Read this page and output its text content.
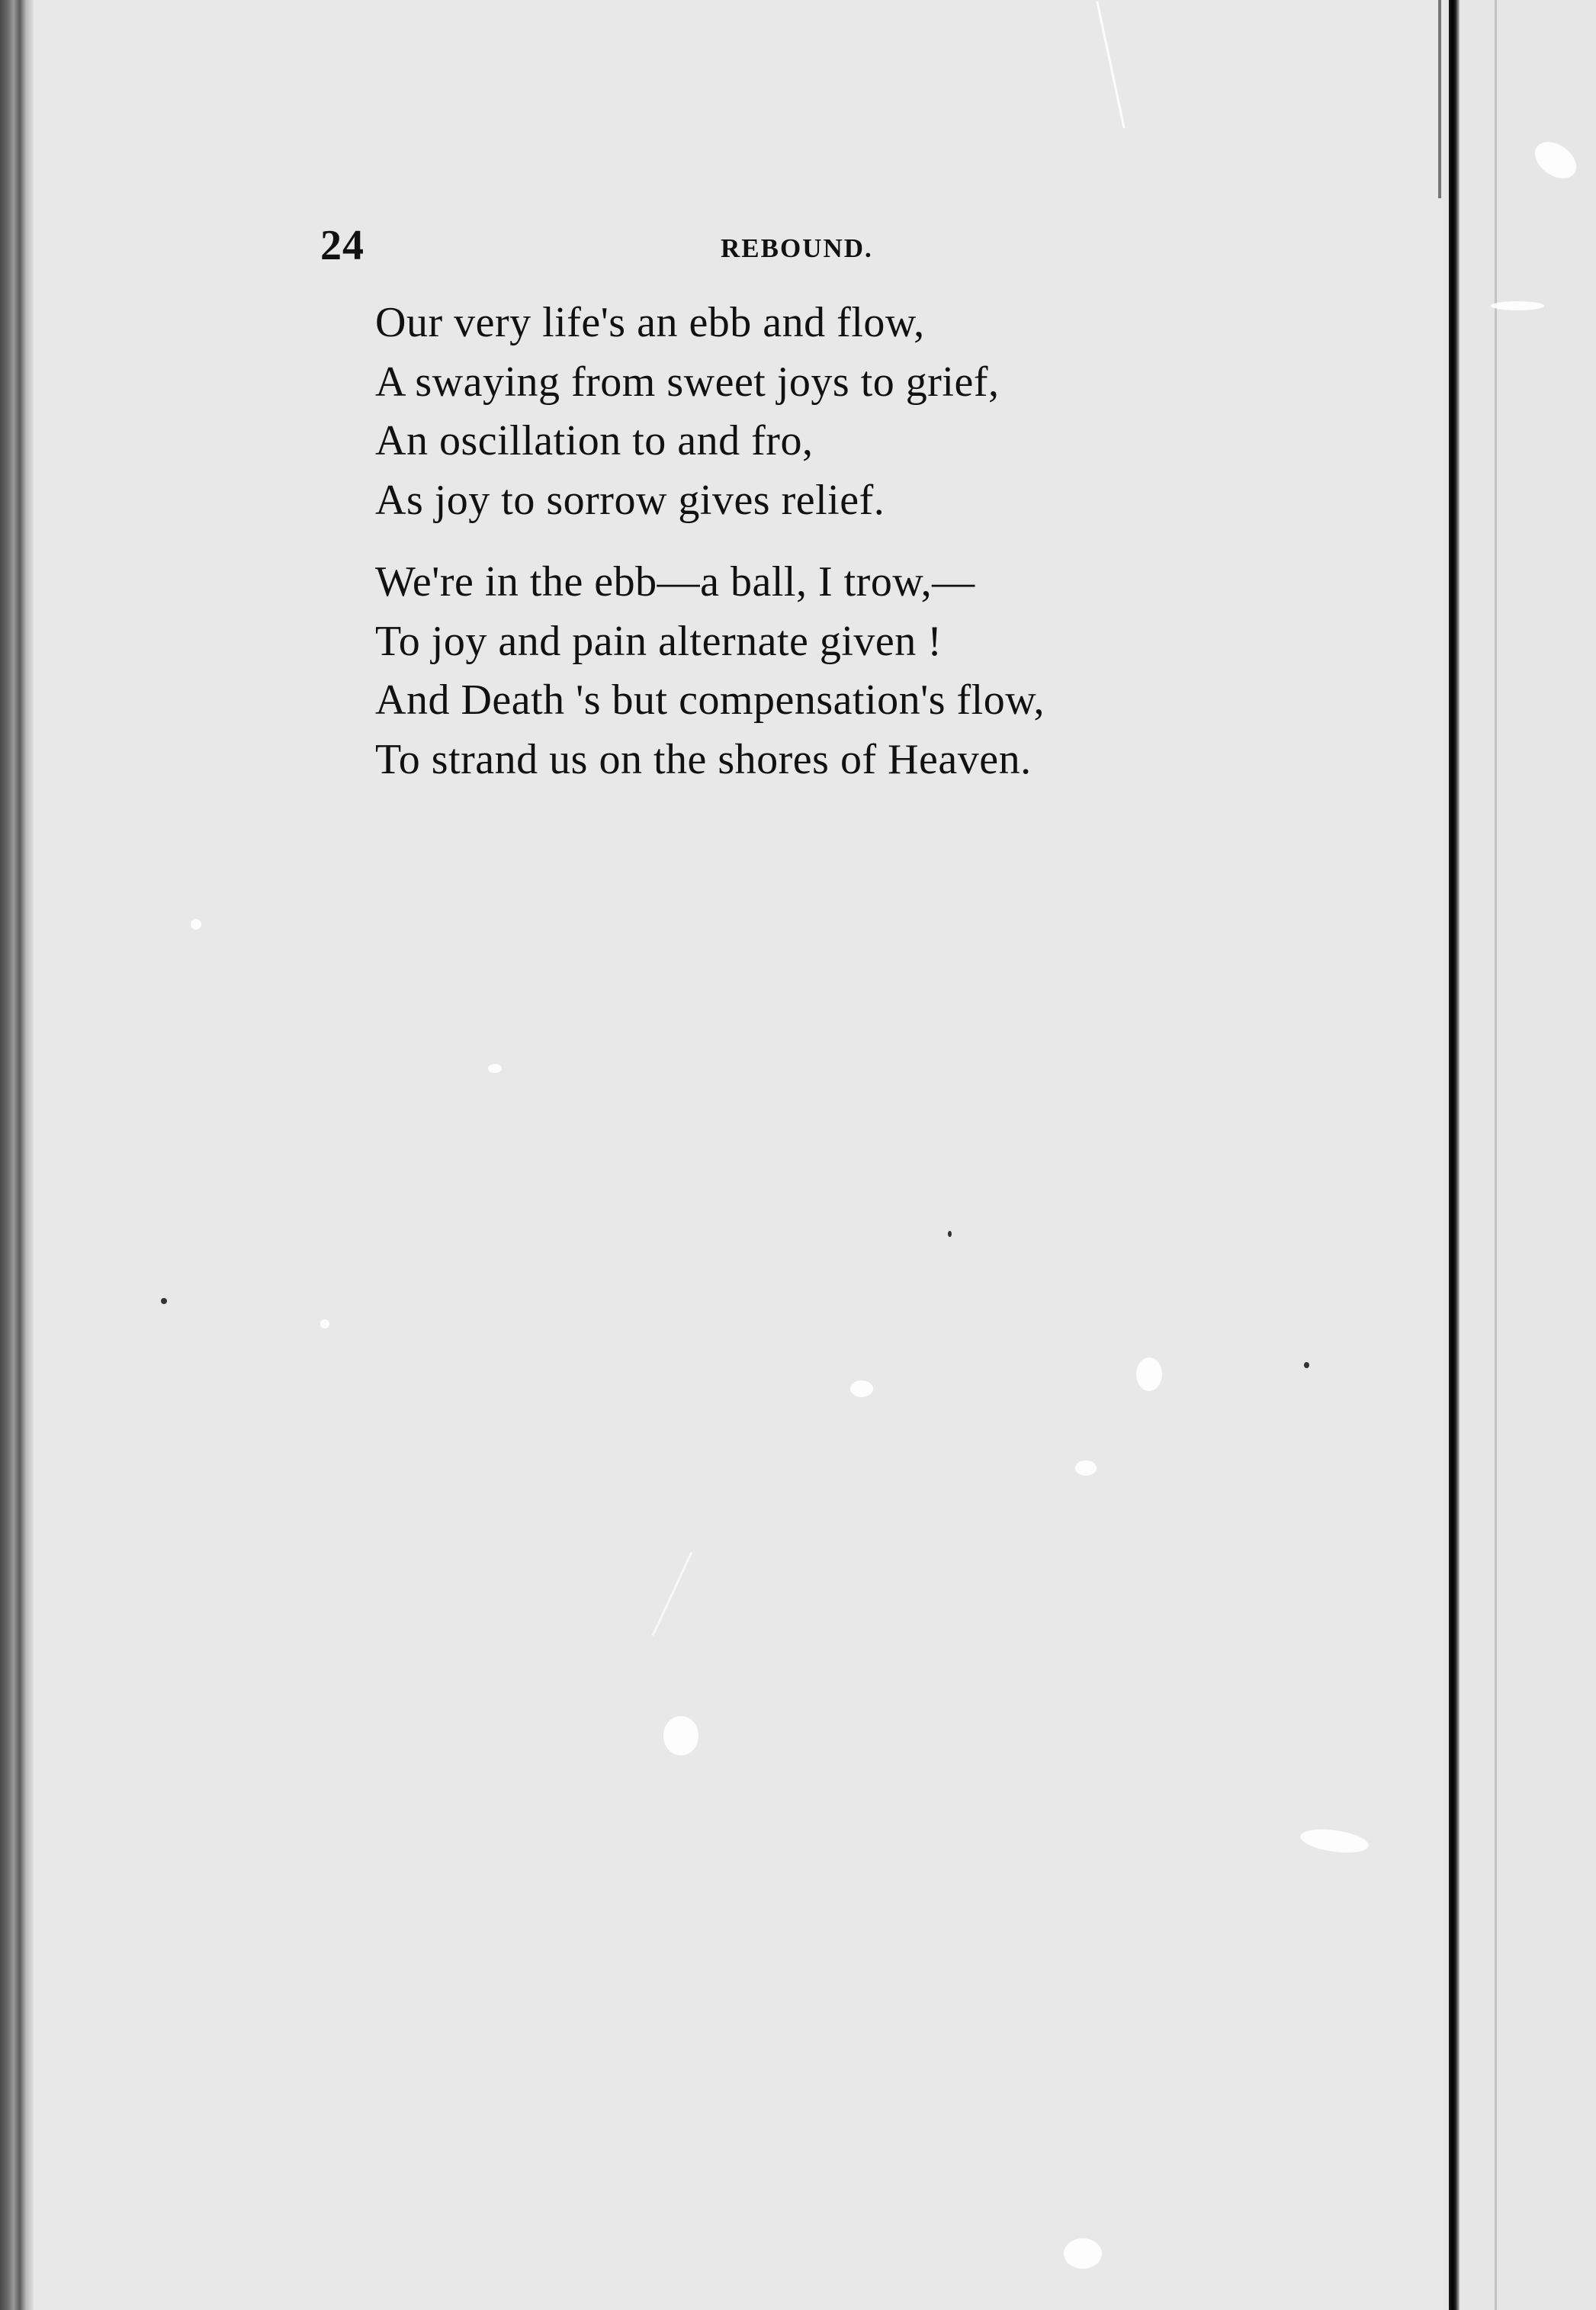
24	REBOUND.
Our very life's an ebb and flow,
A swaying from sweet joys to grief,
An oscillation to and fro,
As joy to sorrow gives relief.
We're in the ebb—a ball, I trow,—
To joy and pain alternate given !
And Death 's but compensation's flow,
To strand us on the shores of Heaven.
